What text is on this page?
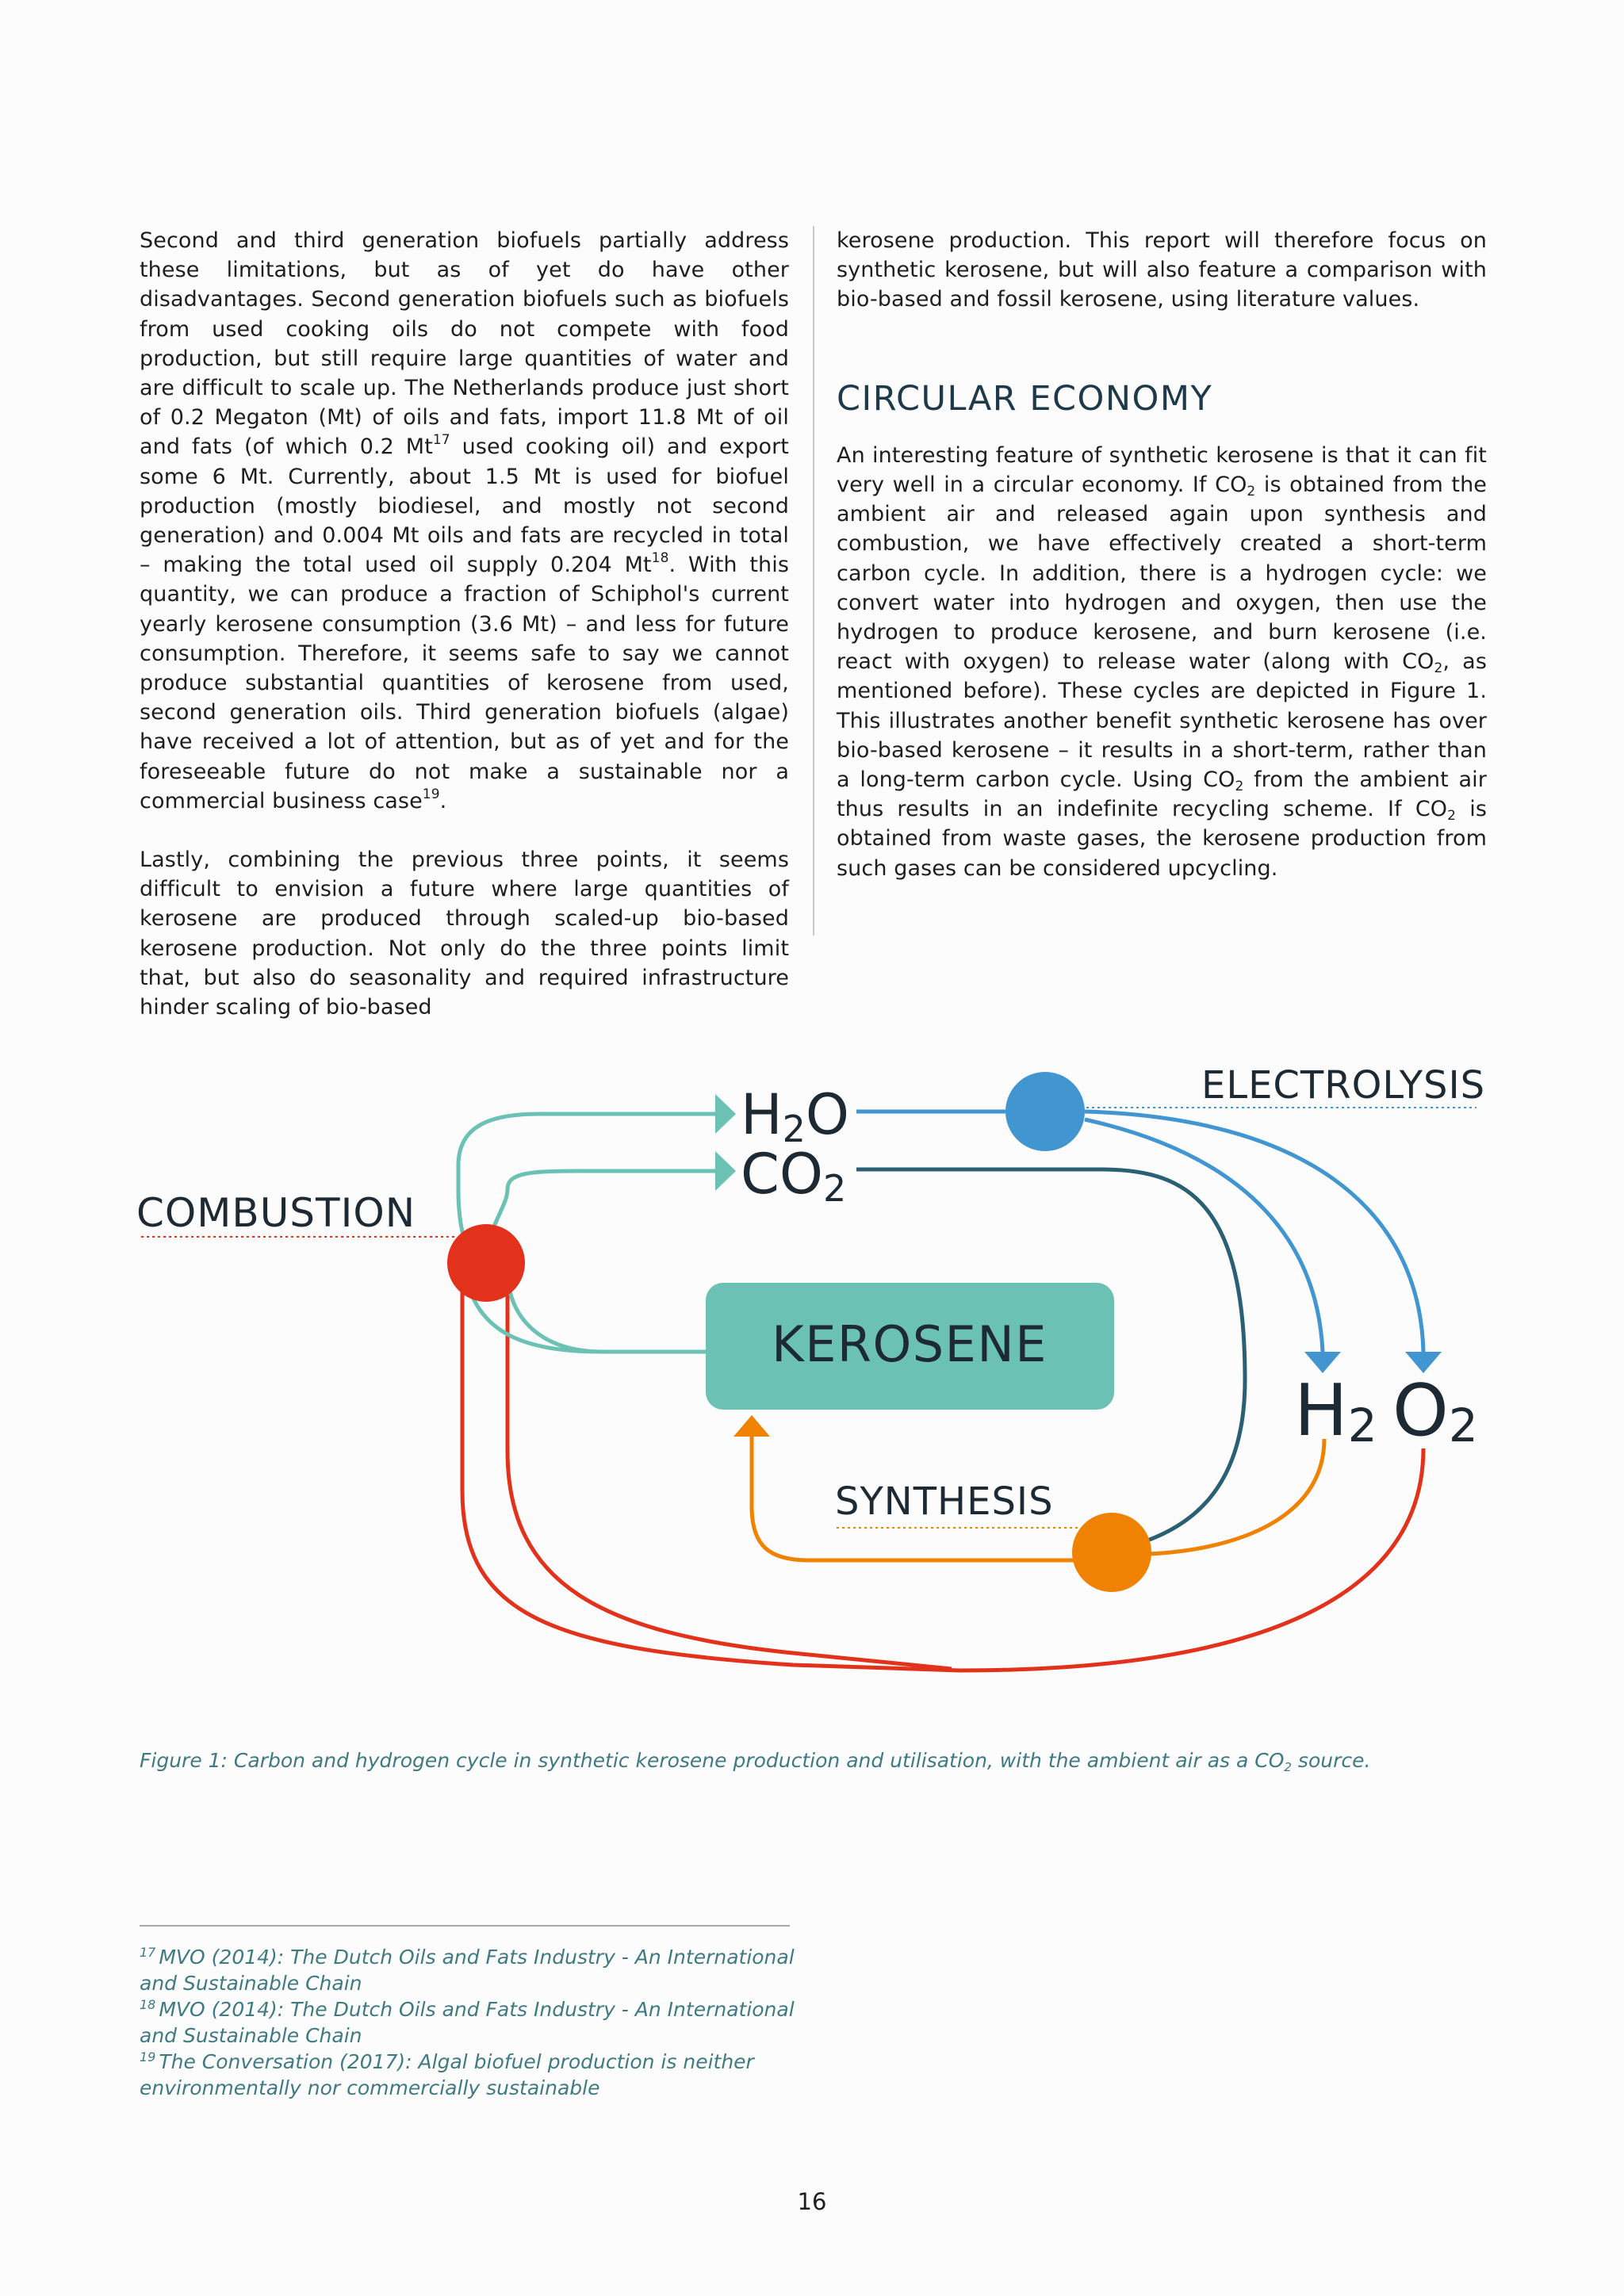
Second and third generation biofuels partially address these limitations, but as of yet do have other disadvantages. Second generation biofuels such as biofuels from used cooking oils do not compete with food production, but still require large quantities of water and are difficult to scale up. The Netherlands produce just short of 0.2 Megaton (Mt) of oils and fats, import 11.8 Mt of oil and fats (of which 0.2 Mt$^{17}$ used cooking oil) and export some 6 Mt. Currently, about 1.5 Mt is used for biofuel production (mostly biodiesel, and mostly not second generation) and 0.004 Mt oils and fats are recycled in total – making the total used oil supply 0.204 Mt$^{18}$. With this quantity, we can produce a fraction of Schiphol's current yearly kerosene consumption (3.6 Mt) – and less for future consumption. Therefore, it seems safe to say we cannot produce substantial quantities of kerosene from used, second generation oils. Third generation biofuels (algae) have received a lot of attention, but as of yet and for the foreseeable future do not make a sustainable nor a commercial business case$^{19}$.

Lastly, combining the previous three points, it seems difficult to envision a future where large quantities of kerosene are produced through scaled-up bio-based kerosene production. Not only do the three points limit that, but also do seasonality and required infrastructure hinder scaling of bio-based

kerosene production. This report will therefore focus on synthetic kerosene, but will also feature a comparison with bio-based and fossil kerosene, using literature values.

CIRCULAR ECONOMY

An interesting feature of synthetic kerosene is that it can fit very well in a circular economy. If $CO_2$ is obtained from the ambient air and released again upon synthesis and combustion, we have effectively created a short-term carbon cycle. In addition, there is a hydrogen cycle: we convert water into hydrogen and oxygen, then use the hydrogen to produce kerosene, and burn kerosene (i.e. react with oxygen) to release water (along with $CO_2$, as mentioned before). These cycles are depicted in Figure 1. This illustrates another benefit synthetic kerosene has over bio-based kerosene – it results in a short-term, rather than a long-term carbon cycle. Using $CO_2$ from the ambient air thus results in an indefinite recycling scheme. If $CO_2$ is obtained from waste gases, the kerosene production from such gases can be considered upcycling.

COMBUSTION
ELECTROLYSIS
SYNTHESIS
KEROSENE
H2O
CO2
H2 O2
Figure 1: Carbon and hydrogen cycle in synthetic kerosene production and utilisation, with the ambient air as a $CO_2$ source.

$^{17}$ MVO (2014): The Dutch Oils and Fats Industry - An International and Sustainable Chain

$^{18}$ MVO (2014): The Dutch Oils and Fats Industry - An International and Sustainable Chain

$^{19}$ The Conversation (2017): Algal biofuel production is neither environmentally nor commercially sustainable

16
